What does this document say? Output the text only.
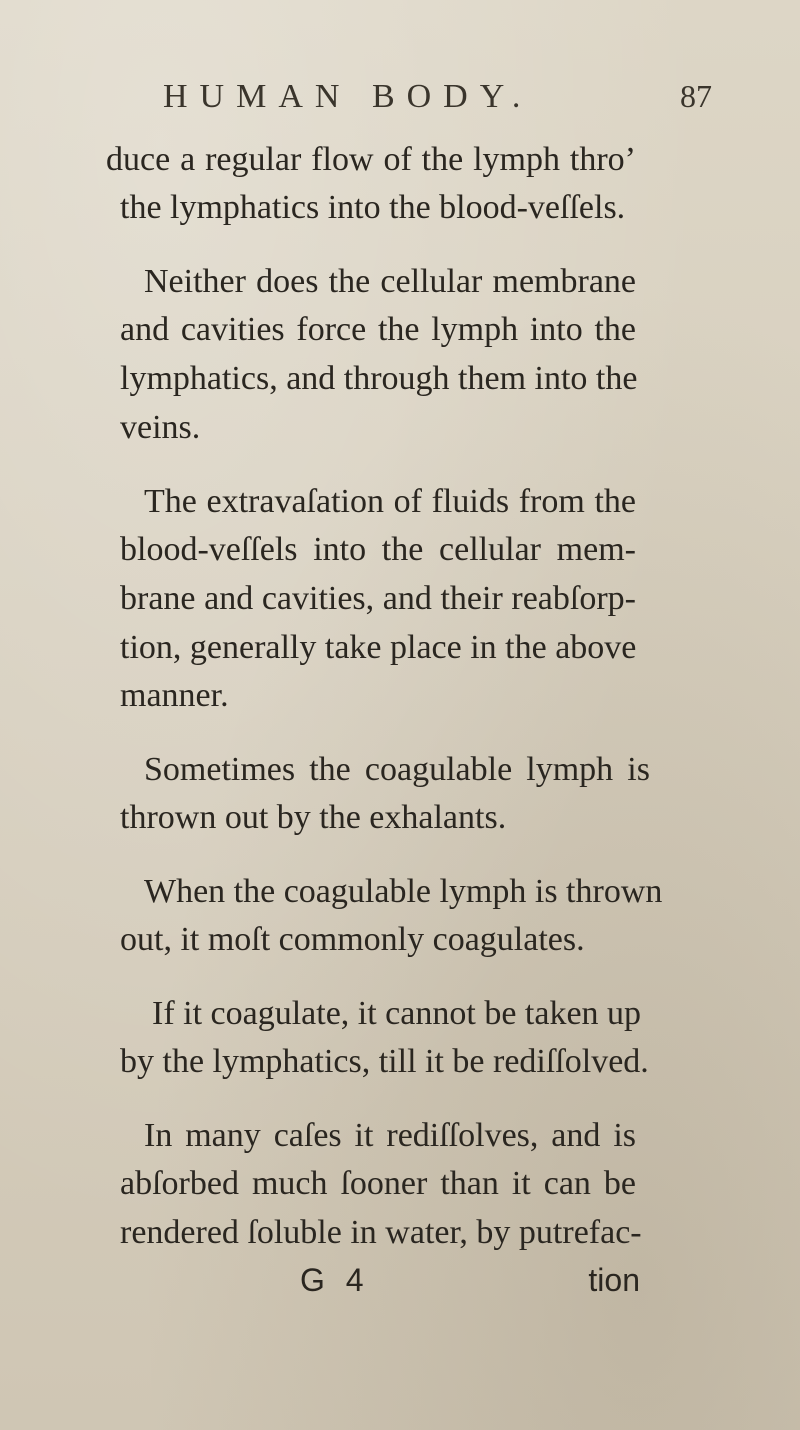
HUMAN BODY.	87
duce a regular flow of the lymph thro’
the lymphatics into the blood-veſſels.
Neither does the cellular membrane
and cavities force the lymph into the
lymphatics, and through them into the
veins.
The extravaſation of fluids from the
blood-veſſels into the cellular mem-
brane and cavities, and their reabſorp-
tion, generally take place in the above
manner.
Sometimes the coagulable lymph is
thrown out by the exhalants.
When the coagulable lymph is thrown
out, it moſt commonly coagulates.
If it coagulate, it cannot be taken up
by the lymphatics, till it be rediſſolved.
In many caſes it rediſſolves, and is
abſorbed much ſooner than it can be
rendered ſoluble in water, by putrefac-
G 4	tion
